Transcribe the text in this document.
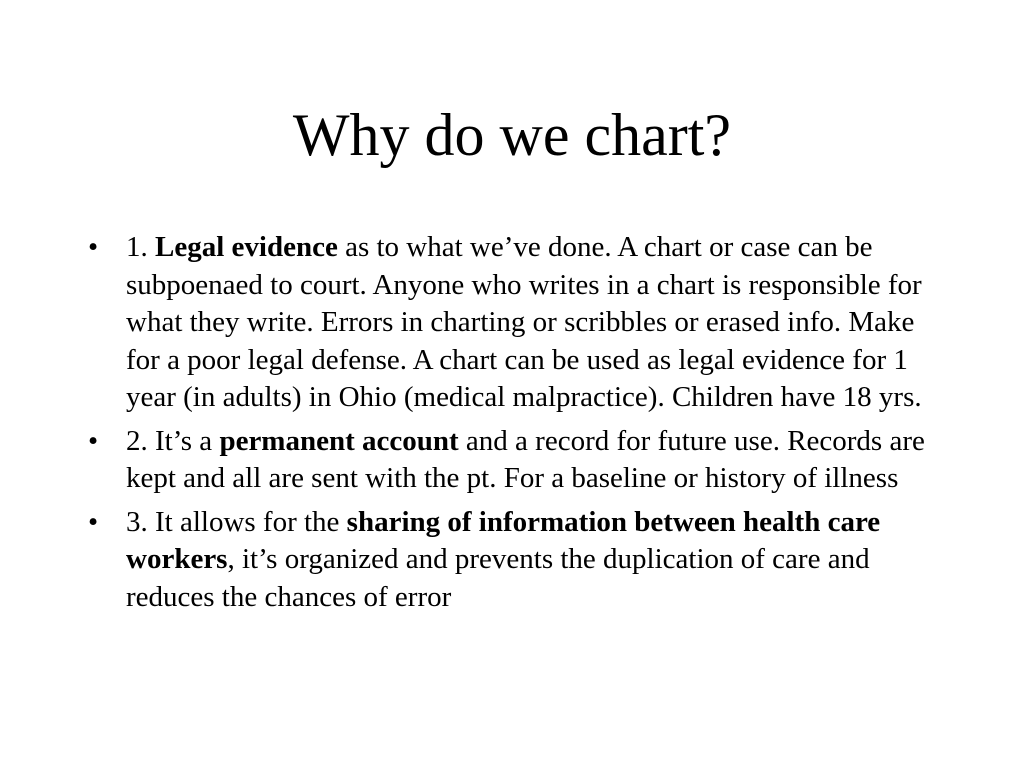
Why do we chart?
• 1. Legal evidence as to what we’ve done. A chart or case can be subpoenaed to court. Anyone who writes in a chart is responsible for what they write. Errors in charting or scribbles or erased info. Make for a poor legal defense. A chart can be used as legal evidence for 1 year (in adults) in Ohio (medical malpractice). Children have 18 yrs.
• 2. It’s a permanent account and a record for future use. Records are kept and all are sent with the pt. For a baseline or history of illness
• 3. It allows for the sharing of information between health care workers, it’s organized and prevents the duplication of care and reduces the chances of error
